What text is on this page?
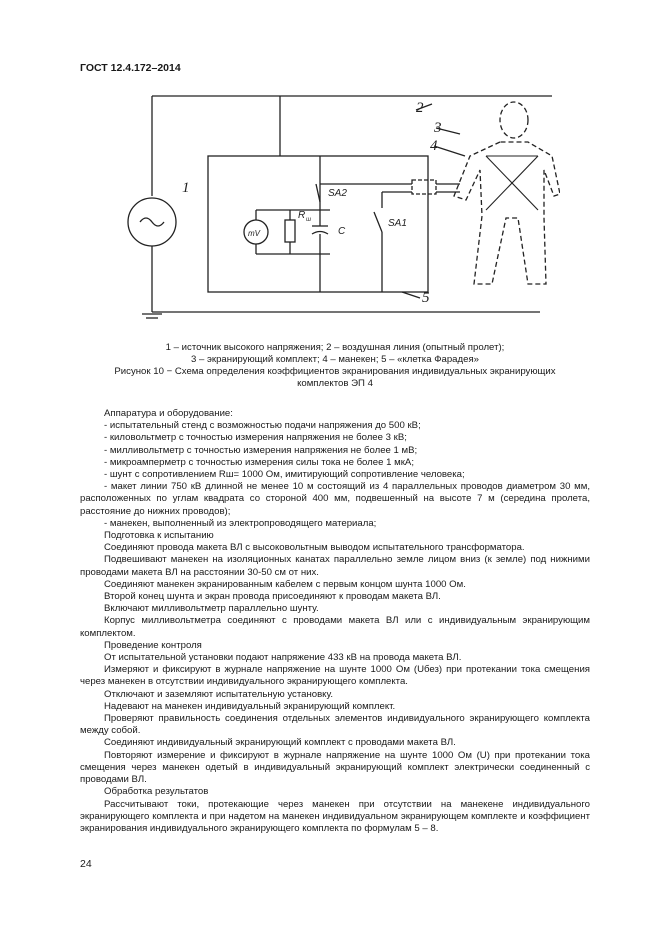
ГОСТ 12.4.172–2014
1
2
3
4
5
SA2
SA1
R ш
C
mV
1 – источник высокого напряжения; 2 – воздушная линия (опытный пролет);
3 – экранирующий комплект; 4 – манекен; 5 – «клетка Фарадея»
Рисунок 10 − Схема определения коэффициентов экранирования индивидуальных экранирующих
комплектов ЭП 4

Аппаратура и оборудование:

- испытательный стенд с возможностью подачи напряжения до 500 кВ;

- киловольтметр с точностью измерения напряжения не более 3 кВ;

- милливольтметр с точностью измерения напряжения не более 1 мВ;

- микроамперметр с точностью измерения силы тока не более 1 мкА;

- шунт с сопротивлением Rш= 1000 Ом, имитирующий сопротивление человека;

- макет линии 750 кВ длинной не менее 10 м состоящий из 4 параллельных проводов диаметром 30 мм, расположенных по углам квадрата со стороной 400 мм, подвешенный на высоте 7 м (середина пролета, расстояние до нижних проводов);

- манекен, выполненный из электропроводящего материала;

Подготовка к испытанию

Соединяют провода макета ВЛ с высоковольтным выводом испытательного трансформатора.

Подвешивают манекен на изоляционных канатах параллельно земле лицом вниз (к земле) под нижними проводами макета ВЛ на расстоянии 30-50 см от них.

Соединяют манекен экранированным кабелем с первым концом шунта 1000 Ом.

Второй конец шунта и экран провода присоединяют к проводам макета ВЛ.

Включают милливольтметр параллельно шунту.

Корпус милливольтметра соединяют с проводами макета ВЛ или с индивидуальным экранирующим комплектом.

Проведение контроля

От испытательной установки подают напряжение 433 кВ на провода макета ВЛ.

Измеряют и фиксируют в журнале напряжение на шунте 1000 Ом (Uбез) при протекании тока смещения через манекен в отсутствии индивидуального экранирующего комплекта.

Отключают и заземляют испытательную установку.

Надевают на манекен индивидуальный экранирующий комплект.

Проверяют правильность соединения отдельных элементов индивидуального экранирующего комплекта между собой.

Соединяют индивидуальный экранирующий комплект с проводами макета ВЛ.

Повторяют измерение и фиксируют в журнале напряжение на шунте 1000 Ом (U) при протекании тока смещения через манекен одетый в индивидуальный экранирующий комплект электрически соединенный с проводами ВЛ.

Обработка результатов

Рассчитывают токи, протекающие через манекен при отсутствии на манекене индивидуального экранирующего комплекта и при надетом на манекен индивидуальном экранирующем комплекте и коэффициент экранирования индивидуального экранирующего комплекта по формулам 5 – 8.

24
